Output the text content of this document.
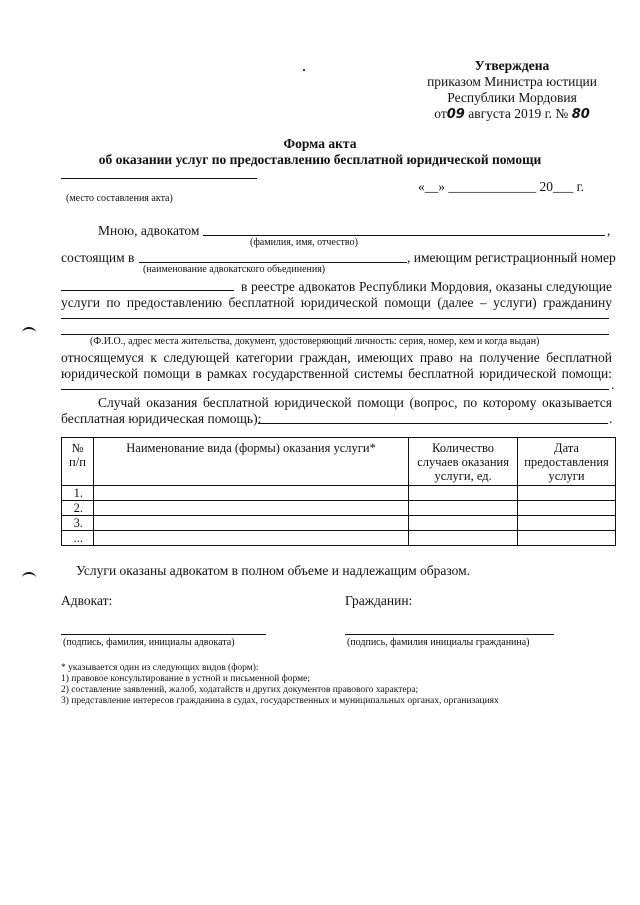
Утверждена
приказом Министра юстиции
Республики Мордовия
от09 августа 2019 г. № 80
Форма акта
об оказании услуг по предоставлению бесплатной юридической помощи
(место составления акта)
«__» _____________ 20___ г.
Мною, адвокатом	,
(фамилия, имя, отчество)
состоящим в	, имеющим регистрационный номер
(наименование адвокатского объединения)
в реестре адвокатов Республики Мордовия, оказаны следующие
услуги по предоставлению бесплатной юридической помощи (далее – услуги) гражданину
(Ф.И.О., адрес места жительства, документ, удостоверяющий личность: серия, номер, кем и когда выдан)
относящемуся к следующей категории граждан, имеющих право на получение бесплатной
юридической помощи в рамках государственной системы бесплатной юридической помощи:
.
Случай оказания бесплатной юридической помощи (вопрос, по которому оказывается
бесплатная юридическая помощь):	.
№ п/п	Наименование вида (формы) оказания услуги*	Количество случаев оказания услуги, ед.	Дата предоставления услуги
1.			
2.			
3.			
...			
Услуги оказаны адвокатом в полном объеме и надлежащим образом.
Адвокат:	Гражданин:
(подпись, фамилия, инициалы адвоката)	(подпись, фамилия инициалы гражданина)
* указывается один из следующих видов (форм):
1) правовое консультирование в устной и письменной форме;
2) составление заявлений, жалоб, ходатайств и других документов правового характера;
3) представление интересов гражданина в судах, государственных и муниципальных органах, организациях
